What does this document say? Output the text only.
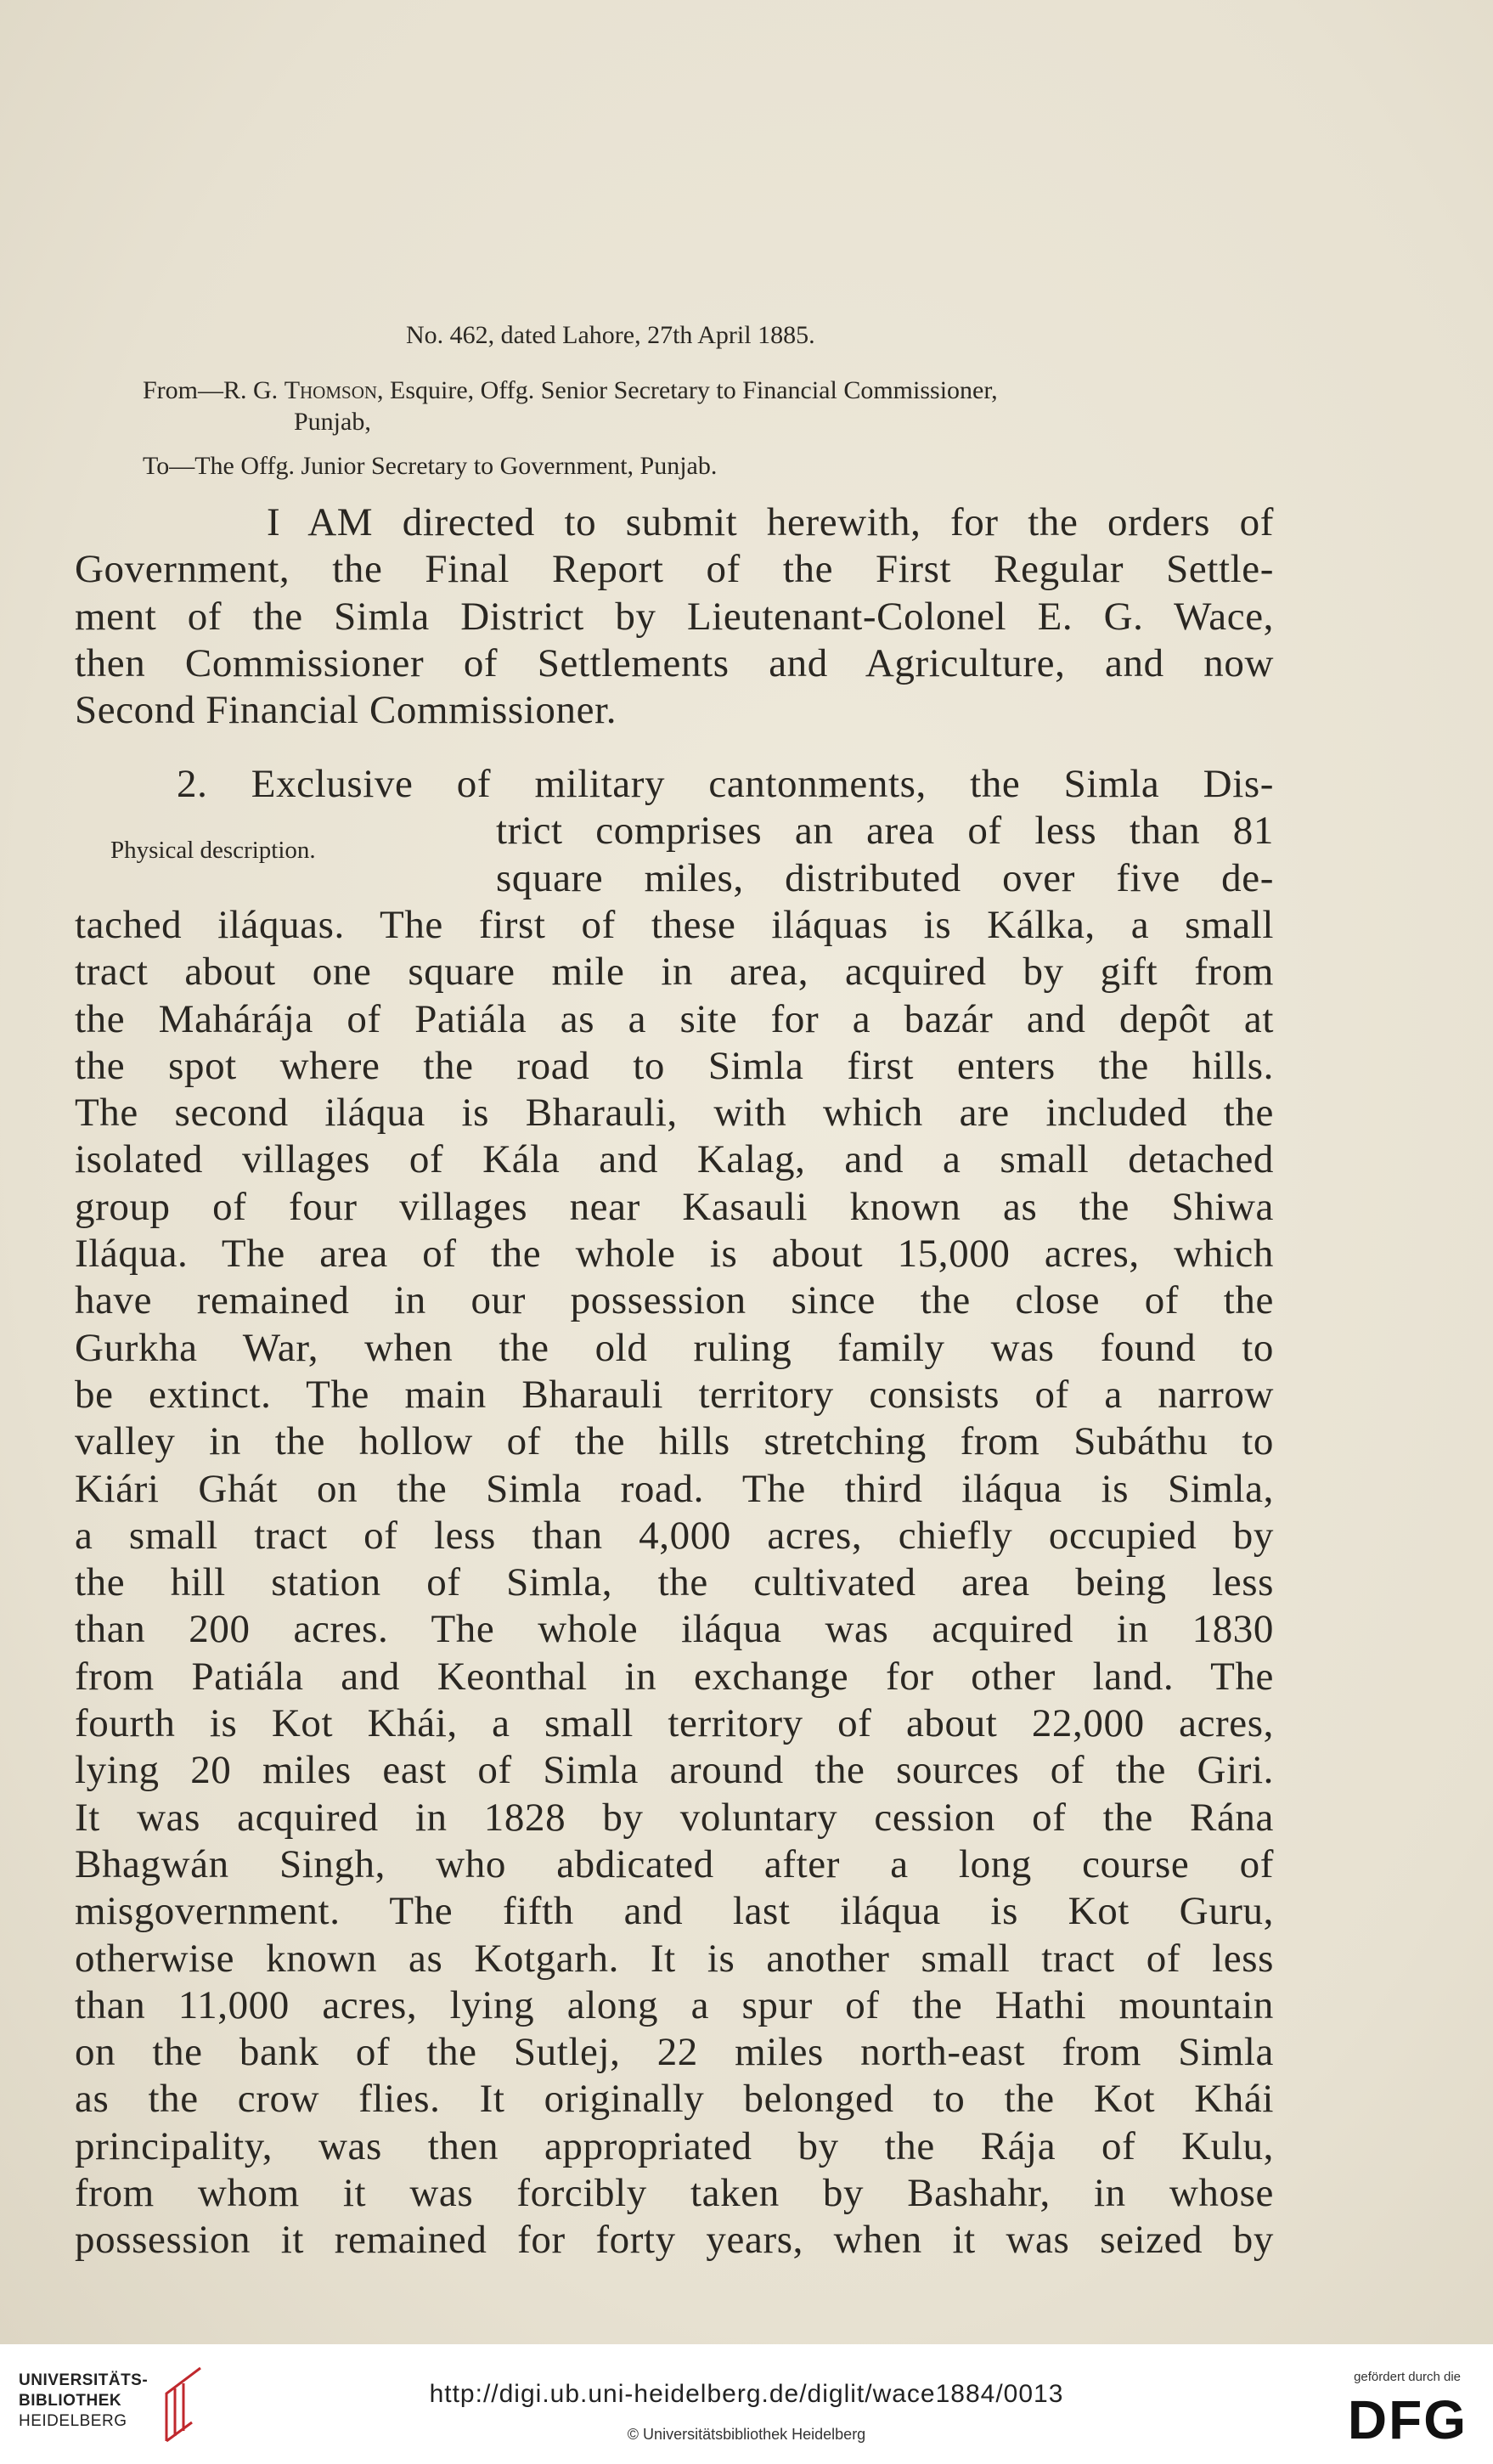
No. 462, dated Lahore, 27th April 1885.
From—R. G. Thomson, Esquire, Offg. Senior Secretary to Financial Commissioner,
Punjab,
To—The Offg. Junior Secretary to Government, Punjab.
I AM directed to submit herewith, for the orders of
Government, the Final Report of the First Regular Settle-
ment of the Simla District by Lieutenant-Colonel E. G. Wace,
then Commissioner of Settlements and Agriculture, and now
Second Financial Commissioner.
Physical description.
2. Exclusive of military cantonments, the Simla Dis-
trict comprises an area of less than 81
square miles, distributed over five de-
tached iláquas. The first of these iláquas is Kálka, a small
tract about one square mile in area, acquired by gift from
the Mahárája of Patiála as a site for a bazár and depôt at
the spot where the road to Simla first enters the hills.
The second iláqua is Bharauli, with which are included the
isolated villages of Kála and Kalag, and a small detached
group of four villages near Kasauli known as the Shiwa
Iláqua. The area of the whole is about 15,000 acres, which
have remained in our possession since the close of the
Gurkha War, when the old ruling family was found to
be extinct. The main Bharauli territory consists of a narrow
valley in the hollow of the hills stretching from Subáthu to
Kiári Ghát on the Simla road. The third iláqua is Simla,
a small tract of less than 4,000 acres, chiefly occupied by
the hill station of Simla, the cultivated area being less
than 200 acres. The whole iláqua was acquired in 1830
from Patiála and Keonthal in exchange for other land. The
fourth is Kot Khái, a small territory of about 22,000 acres,
lying 20 miles east of Simla around the sources of the Giri.
It was acquired in 1828 by voluntary cession of the Rána
Bhagwán Singh, who abdicated after a long course of
misgovernment. The fifth and last iláqua is Kot Guru,
otherwise known as Kotgarh. It is another small tract of less
than 11,000 acres, lying along a spur of the Hathi mountain
on the bank of the Sutlej, 22 miles north-east from Simla
as the crow flies. It originally belonged to the Kot Khái
principality, was then appropriated by the Rája of Kulu,
from whom it was forcibly taken by Bashahr, in whose
possession it remained for forty years, when it was seized by
UNIVERSITÄTS-
BIBLIOTHEK
HEIDELBERG
http://digi.ub.uni-heidelberg.de/diglit/wace1884/0013
© Universitätsbibliothek Heidelberg
gefördert durch die
DFG
